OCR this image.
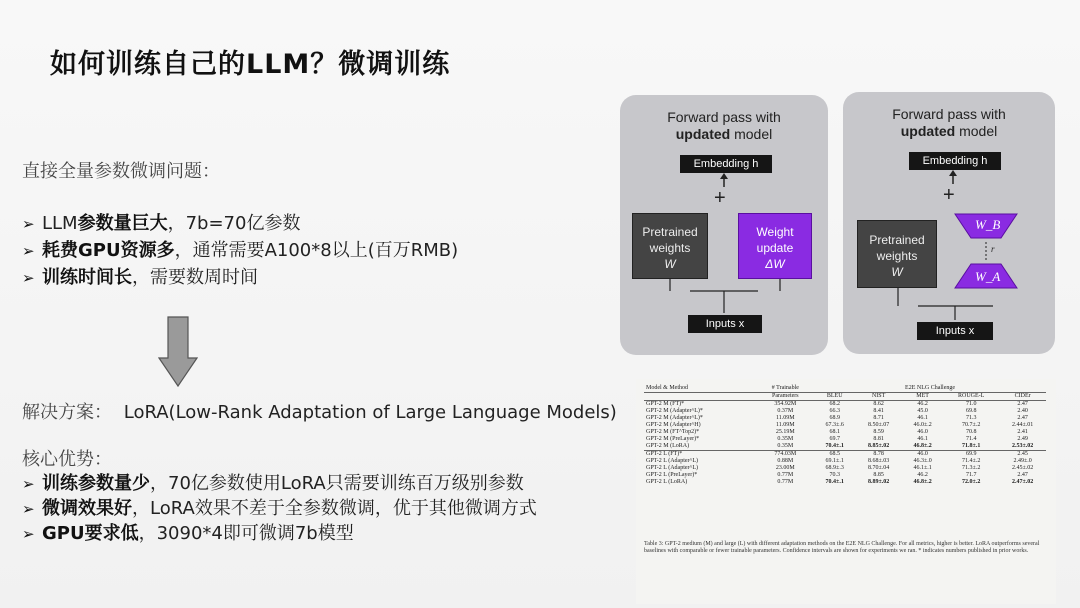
如何训练自己的LLM？微调训练
直接全量参数微调问题：
➢ LLM参数量巨大，7b=70亿参数
➢ 耗费GPU资源多，通常需要A100*8以上(百万RMB)
➢ 训练时间长，需要数周时间
解决方案： LoRA(Low-Rank Adaptation of Large Language Models)
核心优势：
➢ 训练参数量少，70亿参数使用LoRA只需要训练百万级别参数
➢ 微调效果好，LoRA效果不差于全参数微调，优于其他微调方式
➢ GPU要求低，3090*4即可微调7b模型
Forward pass with
updated model
Embedding h
+
Pretrained
weights
W
Weight
update
ΔW
Inputs x
Forward pass with
updated model
Embedding h
+
W_B
W_A
r
Pretrained
weights
W
Inputs x
Model & Method	# Trainable	E2E NLG Challenge				
	Parameters	BLEU	NIST	MET	ROUGE-L	CIDEr
GPT-2 M (FT)*	354.92M	68.2	8.62	46.2	71.0	2.47
GPT-2 M (Adapter^L)*	0.37M	66.3	8.41	45.0	69.8	2.40
GPT-2 M (Adapter^L)*	11.09M	68.9	8.71	46.1	71.3	2.47
GPT-2 M (Adapter^H)	11.09M	67.3±.6	8.50±.07	46.0±.2	70.7±.2	2.44±.01
GPT-2 M (FT^Top2)*	25.19M	68.1	8.59	46.0	70.8	2.41
GPT-2 M (PreLayer)*	0.35M	69.7	8.81	46.1	71.4	2.49
GPT-2 M (LoRA)	0.35M	70.4±.1	8.85±.02	46.8±.2	71.8±.1	2.53±.02
GPT-2 L (FT)*	774.03M	68.5	8.78	46.0	69.9	2.45
GPT-2 L (Adapter^L)	0.88M	69.1±.1	8.68±.03	46.3±.0	71.4±.2	2.49±.0
GPT-2 L (Adapter^L)	23.00M	68.9±.3	8.70±.04	46.1±.1	71.3±.2	2.45±.02
GPT-2 L (PreLayer)*	0.77M	70.3	8.85	46.2	71.7	2.47
GPT-2 L (LoRA)	0.77M	70.4±.1	8.89±.02	46.8±.2	72.0±.2	2.47±.02
Table 3: GPT-2 medium (M) and large (L) with different adaptation methods on the E2E NLG Challenge. For all metrics, higher is better. LoRA outperforms several baselines with comparable or fewer trainable parameters. Confidence intervals are shown for experiments we ran. * indicates numbers published in prior works.
